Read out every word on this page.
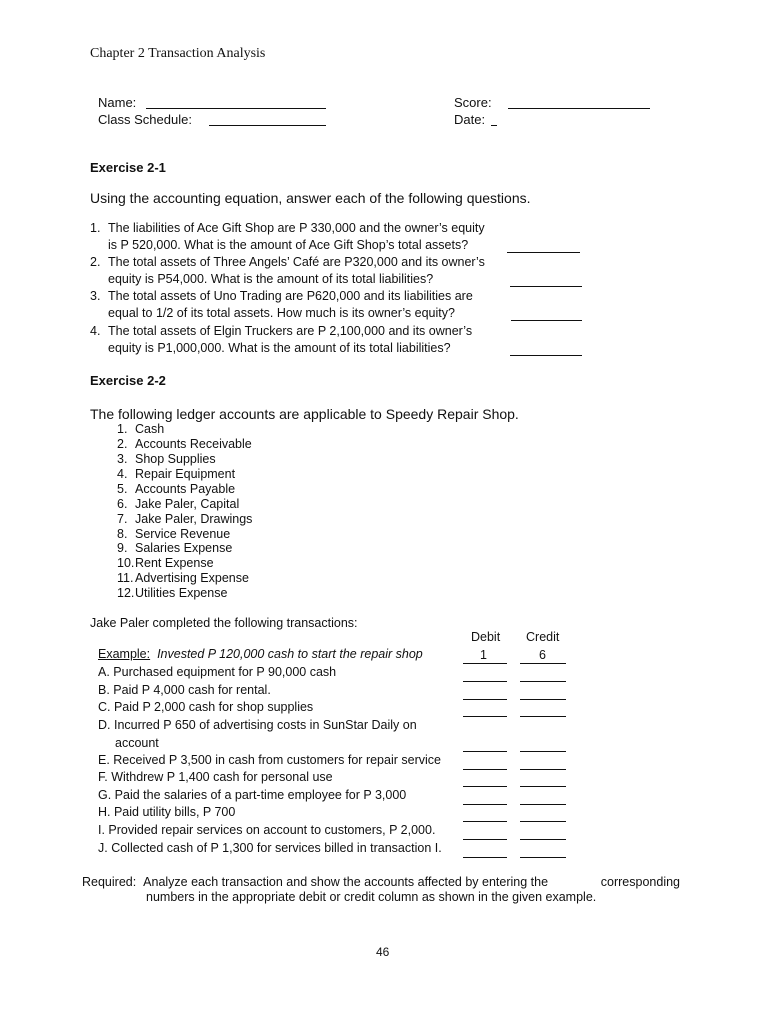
Chapter 2 Transaction Analysis
Name:
Class Schedule:
Score:
Date:
Exercise 2-1
Using the accounting equation, answer each of the following questions.
1. The liabilities of Ace Gift Shop are P 330,000 and the owner’s equity
is P 520,000. What is the amount of Ace Gift Shop’s total assets?
2. The total assets of Three Angels’ Café are P320,000 and its owner’s
equity is P54,000. What is the amount of its total liabilities?
3. The total assets of Uno Trading are P620,000 and its liabilities are
equal to 1/2 of its total assets. How much is its owner’s equity?
4. The total assets of Elgin Truckers are P 2,100,000 and its owner’s
equity is P1,000,000. What is the amount of its total liabilities?
Exercise 2-2
The following ledger accounts are applicable to Speedy Repair Shop.
1. Cash
2. Accounts Receivable
3. Shop Supplies
4. Repair Equipment
5. Accounts Payable
6. Jake Paler, Capital
7. Jake Paler, Drawings
8. Service Revenue
9. Salaries Expense
10.Rent Expense
11. Advertising Expense
12.Utilities Expense
Jake Paler completed the following transactions:
Debit Credit
Example: Invested P 120,000 cash to start the repair shop	1	6
A. Purchased equipment for P 90,000 cash
B. Paid P 4,000 cash for rental.
C. Paid P 2,000 cash for shop supplies
D. Incurred P 650 of advertising costs in SunStar Daily on
account
E. Received P 3,500 in cash from customers for repair service
F. Withdrew P 1,400 cash for personal use
G. Paid the salaries of a part-time employee for P 3,000
H. Paid utility bills, P 700
I. Provided repair services on account to customers, P 2,000.
J. Collected cash of P 1,300 for services billed in transaction I.
Required: Analyze each transaction and show the accounts affected by entering the	corresponding
numbers in the appropriate debit or credit column as shown in the given example.
46
